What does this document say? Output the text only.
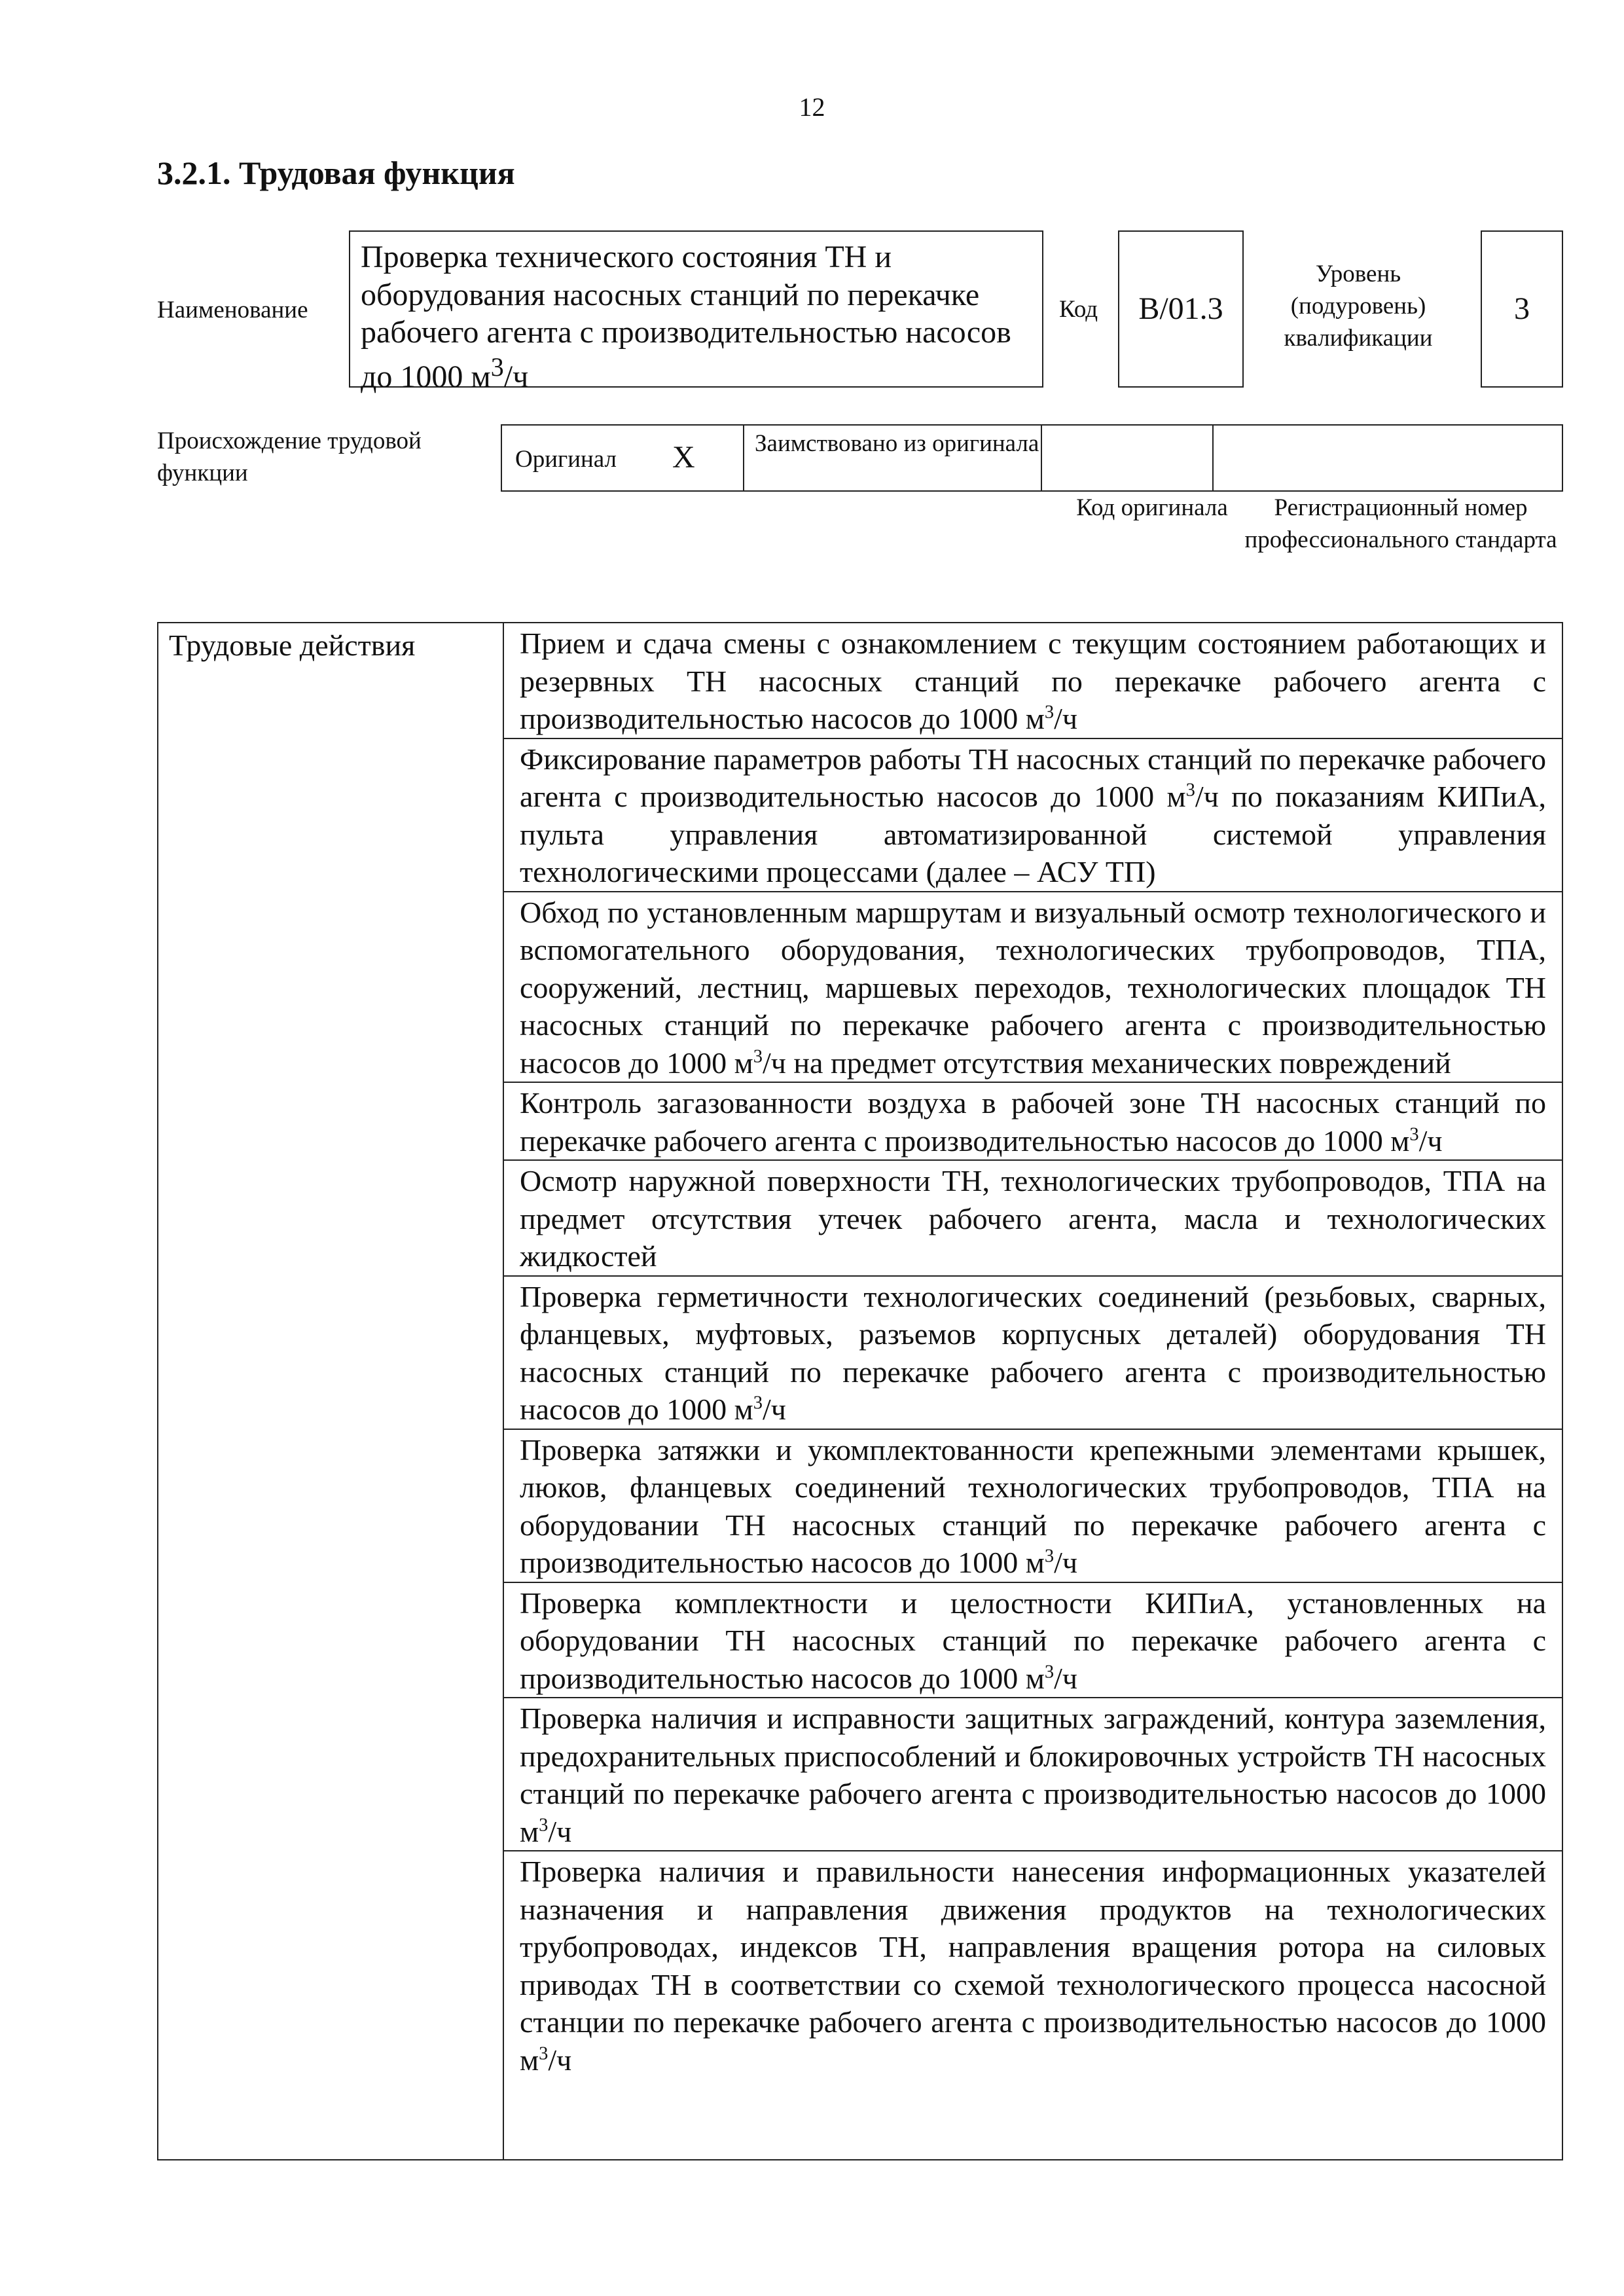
12
3.2.1. Трудовая функция
Наименование
Проверка технического состояния ТН и оборудования насосных станций по перекачке рабочего агента с производительностью насосов до 1000 $м^3/ч$
Код B/01.3
Уровень (подуровень) квалификации
3
Происхождение трудовой функции
Оригинал X Заимствовано из оригинала
Код оригинала	Регистрационный номер профессионального стандарта
Трудовые действия	Прием и сдача смены с ознакомлением с текущим состоянием работающих и резервных ТН насосных станций по перекачке рабочего агента с производительностью насосов до 1000 $м^3/ч$
Фиксирование параметров работы ТН насосных станций по перекачке рабочего агента с производительностью насосов до 1000 $м^3/ч$ по показаниям КИПиА, пульта управления автоматизированной системой управления технологическими процессами (далее – АСУ ТП)
Обход по установленным маршрутам и визуальный осмотр технологического и вспомогательного оборудования, технологических трубопроводов, ТПА, сооружений, лестниц, маршевых переходов, технологических площадок ТН насосных станций по перекачке рабочего агента с производительностью насосов до 1000 $м^3/ч$ на предмет отсутствия механических повреждений
Контроль загазованности воздуха в рабочей зоне ТН насосных станций по перекачке рабочего агента с производительностью насосов до 1000 $м^3/ч$
Осмотр наружной поверхности ТН, технологических трубопроводов, ТПА на предмет отсутствия утечек рабочего агента, масла и технологических жидкостей
Проверка герметичности технологических соединений (резьбовых, сварных, фланцевых, муфтовых, разъемов корпусных деталей) оборудования ТН насосных станций по перекачке рабочего агента с производительностью насосов до 1000 $м^3/ч$
Проверка затяжки и укомплектованности крепежными элементами крышек, люков, фланцевых соединений технологических трубопроводов, ТПА на оборудовании ТН насосных станций по перекачке рабочего агента с производительностью насосов до 1000 $м^3/ч$
Проверка комплектности и целостности КИПиА, установленных на оборудовании ТН насосных станций по перекачке рабочего агента с производительностью насосов до 1000 $м^3/ч$
Проверка наличия и исправности защитных заграждений, контура заземления, предохранительных приспособлений и блокировочных устройств ТН насосных станций по перекачке рабочего агента с производительностью насосов до 1000 $м^3/ч$
Проверка наличия и правильности нанесения информационных указателей назначения и направления движения продуктов на технологических трубопроводах, индексов ТН, направления вращения ротора на силовых приводах ТН в соответствии со схемой технологического процесса насосной станции по перекачке рабочего агента с производительностью насосов до 1000 $м^3/ч$
